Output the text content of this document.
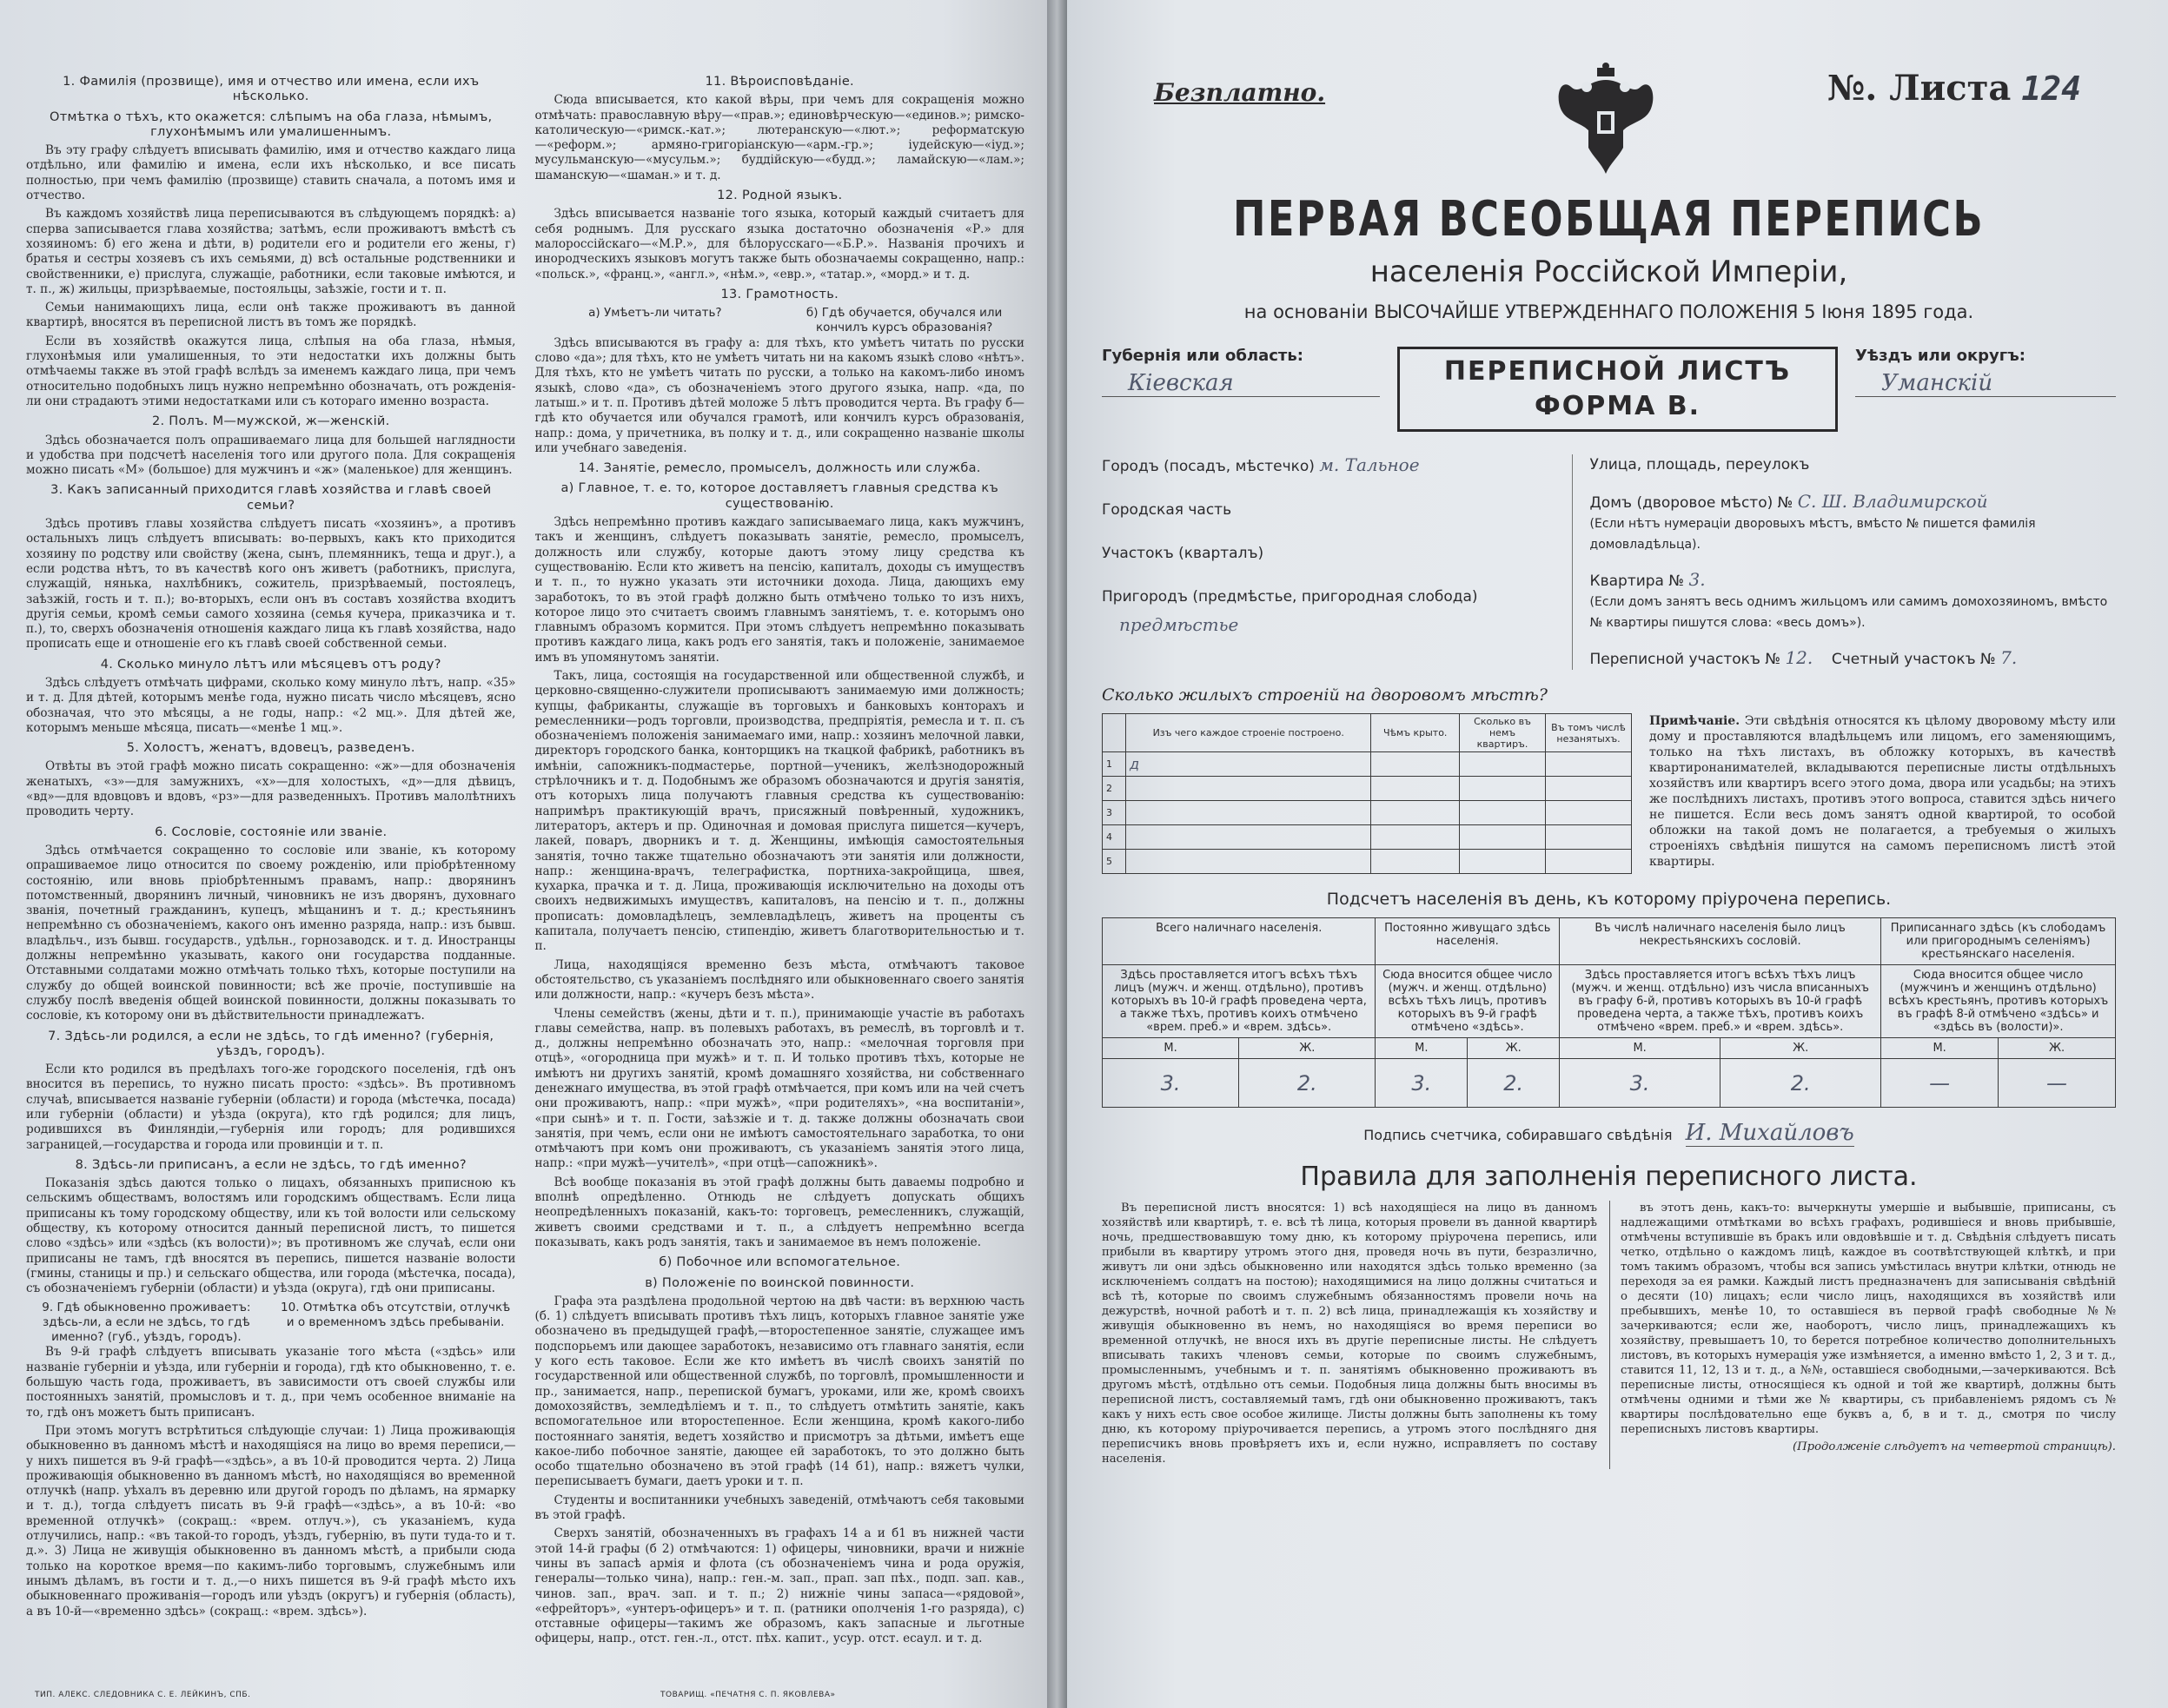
1. Фамилія (прозвище), имя и отчество или имена, если ихъ нѣсколько.
Отмѣтка о тѣхъ, кто окажется: слѣпымъ на оба глаза, нѣмымъ, глухонѣмымъ или умалишеннымъ.

Въ эту графу слѣдуетъ вписывать фамилію, имя и отчество каждаго лица отдѣльно, или фамилію и имена, если ихъ нѣсколько, и все писать полностью, при чемъ фамилію (прозвище) ставить сначала, а потомъ имя и отчество.

Въ каждомъ хозяйствѣ лица переписываются въ слѣдующемъ порядкѣ: а) сперва записывается глава хозяйства; затѣмъ, если проживаютъ вмѣстѣ съ хозяиномъ: б) его жена и дѣти, в) родители его и родители его жены, г) братья и сестры хозяевъ съ ихъ семьями, д) всѣ остальные родственники и свойственники, е) прислуга, служащіе, работники, если таковые имѣются, и т. п., ж) жильцы, призрѣваемые, постояльцы, заѣзжіе, гости и т. п.

Семьи нанимающихъ лица, если онѣ также проживаютъ въ данной квартирѣ, вносятся въ переписной листъ въ томъ же порядкѣ.

Если въ хозяйствѣ окажутся лица, слѣпыя на оба глаза, нѣмыя, глухонѣмыя или умалишенныя, то эти недостатки ихъ должны быть отмѣчаемы также въ этой графѣ вслѣдъ за именемъ каждаго лица, при чемъ относительно подобныхъ лицъ нужно непремѣнно обозначать, отъ рожденія-ли они страдаютъ этими недостатками или съ котораго именно возраста.

2. Полъ. М—мужской, ж—женскій.

Здѣсь обозначается полъ опрашиваемаго лица для большей наглядности и удобства при подсчетѣ населенія того или другого пола. Для сокращенія можно писать «М» (большое) для мужчинъ и «ж» (маленькое) для женщинъ.

3. Какъ записанный приходится главѣ хозяйства и главѣ своей семьи?

Здѣсь противъ главы хозяйства слѣдуетъ писать «хозяинъ», а противъ остальныхъ лицъ слѣдуетъ вписывать: во-первыхъ, какъ кто приходится хозяину по родству или свойству (жена, сынъ, племянникъ, теща и друг.), а если родства нѣтъ, то въ качествѣ кого онъ живетъ (работникъ, прислуга, служащій, нянька, нахлѣбникъ, сожитель, призрѣваемый, постоялецъ, заѣзжій, гость и т. п.); во-вторыхъ, если онъ въ составъ хозяйства входитъ другія семьи, кромѣ семьи самого хозяина (семья кучера, приказчика и т. п.), то, сверхъ обозначенія отношенія каждаго лица къ главѣ хозяйства, надо прописать еще и отношеніе его къ главѣ своей собственной семьи.

4. Сколько минуло лѣтъ или мѣсяцевъ отъ роду?

Здѣсь слѣдуетъ отмѣчать цифрами, сколько кому минуло лѣтъ, напр. «35» и т. д. Для дѣтей, которымъ менѣе года, нужно писать число мѣсяцевъ, ясно обозначая, что это мѣсяцы, а не годы, напр.: «2 мц.». Для дѣтей же, которымъ меньше мѣсяца, писать—«менѣе 1 мц.».

5. Холостъ, женатъ, вдовецъ, разведенъ.

Отвѣты въ этой графѣ можно писать сокращенно: «ж»—для обозначенія женатыхъ, «з»—для замужнихъ, «х»—для холостыхъ, «д»—для дѣвицъ, «вд»—для вдовцовъ и вдовъ, «рз»—для разведенныхъ. Противъ малолѣтнихъ проводить черту.

6. Сословіе, состояніе или званіе.

Здѣсь отмѣчается сокращенно то сословіе или званіе, къ которому опрашиваемое лицо относится по своему рожденію, или пріобрѣтенному состоянію, или вновь пріобрѣтеннымъ правамъ, напр.: дворянинъ потомственный, дворянинъ личный, чиновникъ не изъ дворянъ, духовнаго званія, почетный гражданинъ, купецъ, мѣщанинъ и т. д.; крестьянинъ непремѣнно съ обозначеніемъ, какого онъ именно разряда, напр.: изъ бывш. владѣльч., изъ бывш. государств., удѣльн., горнозаводск. и т. д. Иностранцы должны непремѣнно указывать, какого они государства подданные. Отставными солдатами можно отмѣчать только тѣхъ, которые поступили на службу до общей воинской повинности; всѣ же прочіе, поступившіе на службу послѣ введенія общей воинской повинности, должны показывать то сословіе, къ которому они въ дѣйствительности принадлежатъ.

7. Здѣсь-ли родился, а если не здѣсь, то гдѣ именно? (губернія, уѣздъ, городъ).

Если кто родился въ предѣлахъ того-же городского поселенія, гдѣ онъ вносится въ перепись, то нужно писать просто: «здѣсь». Въ противномъ случаѣ, вписывается названіе губерніи (области) и города (мѣстечка, посада) или губерніи (области) и уѣзда (округа), кто гдѣ родился; для лицъ, родившихся въ Финляндіи,—губернія или городъ; для родившихся заграницей,—государства и города или провинціи и т. п.

8. Здѣсь-ли приписанъ, а если не здѣсь, то гдѣ именно?

Показанія здѣсь даются только о лицахъ, обязанныхъ приписною къ сельскимъ обществамъ, волостямъ или городскимъ обществамъ. Если лица приписаны къ тому городскому обществу, или къ той волости или сельскому обществу, къ которому относится данный переписной листъ, то пишется слово «здѣсь» или «здѣсь (къ волости)»; въ противномъ же случаѣ, если они приписаны не тамъ, гдѣ вносятся въ перепись, пишется названіе волости (гмины, станицы и пр.) и сельскаго общества, или города (мѣстечка, посада), съ обозначеніемъ губерніи (области) и уѣзда (округа), гдѣ они приписаны.

9. Гдѣ обыкновенно проживаетъ: здѣсь-ли, а если не здѣсь, то гдѣ именно? (губ., уѣздъ, городъ).
10. Отмѣтка объ отсутствіи, отлучкѣ и о временномъ здѣсь пребываніи.

Въ 9-й графѣ слѣдуетъ вписывать указаніе того мѣста («здѣсь» или названіе губерніи и уѣзда, или губерніи и города), гдѣ кто обыкновенно, т. е. большую часть года, проживаетъ, въ зависимости отъ своей службы или постоянныхъ занятій, промысловъ и т. д., при чемъ особенное вниманіе на то, гдѣ онъ можетъ быть приписанъ.

При этомъ могутъ встрѣтиться слѣдующіе случаи: 1) Лица проживающія обыкновенно въ данномъ мѣстѣ и находящіяся на лицо во время переписи,—у нихъ пишется въ 9-й графѣ—«здѣсь», а въ 10-й проводится черта. 2) Лица проживающія обыкновенно въ данномъ мѣстѣ, но находящіяся во временной отлучкѣ (напр. уѣхалъ въ деревню или другой городъ по дѣламъ, на ярмарку и т. д.), тогда слѣдуетъ писать въ 9-й графѣ—«здѣсь», а въ 10-й: «во временной отлучкѣ» (сокращ.: «врем. отлуч.»), съ указаніемъ, куда отлучились, напр.: «въ такой-то городъ, уѣздъ, губернію, въ пути туда-то и т. д.». 3) Лица не живущія обыкновенно въ данномъ мѣстѣ, а прибыли сюда только на короткое время—по какимъ-либо торговымъ, служебнымъ или инымъ дѣламъ, въ гости и т. д.,—о нихъ пишется въ 9-й графѣ мѣсто ихъ обыкновеннаго проживанія—городъ или уѣздъ (округъ) и губернія (область), а въ 10-й—«временно здѣсь» (сокращ.: «врем. здѣсь»).

11. Вѣроисповѣданіе.

Сюда вписывается, кто какой вѣры, при чемъ для сокращенія можно отмѣчать: православную вѣру—«прав.»; единовѣрческую—«единов.»; римско-католическую—«римск.-кат.»; лютеранскую—«лют.»; реформатскую—«реформ.»; армяно-григоріанскую—«арм.-гр.»; іудейскую—«іуд.»; мусульманскую—«мусульм.»; буддійскую—«будд.»; ламайскую—«лам.»; шаманскую—«шаман.» и т. д.

12. Родной языкъ.

Здѣсь вписывается названіе того языка, который каждый считаетъ для себя роднымъ. Для русскаго языка достаточно обозначенія «Р.» для малороссійскаго—«М.Р.», для бѣлорусскаго—«Б.Р.». Названія прочихъ и инородческихъ языковъ могутъ также быть обозначаемы сокращенно, напр.: «польск.», «франц.», «англ.», «нѣм.», «евр.», «татар.», «морд.» и т. д.

13. Грамотность.
а) Умѣетъ-ли читать?	б) Гдѣ обучается, обучался или кончилъ курсъ образованія?

Здѣсь вписываются въ графу а: для тѣхъ, кто умѣетъ читать по русски слово «да»; для тѣхъ, кто не умѣетъ читать ни на какомъ языкѣ слово «нѣтъ». Для тѣхъ, кто не умѣетъ читать по русски, а только на какомъ-либо иномъ языкѣ, слово «да», съ обозначеніемъ этого другого языка, напр. «да, по латыш.» и т. п. Противъ дѣтей моложе 5 лѣтъ проводится черта. Въ графу б—гдѣ кто обучается или обучался грамотѣ, или кончилъ курсъ образованія, напр.: дома, у причетника, въ полку и т. д., или сокращенно названіе школы или учебнаго заведенія.

14. Занятіе, ремесло, промыселъ, должность или служба.
а) Главное, т. е. то, которое доставляетъ главныя средства къ существованію.

Здѣсь непремѣнно противъ каждаго записываемаго лица, какъ мужчинъ, такъ и женщинъ, слѣдуетъ показывать занятіе, ремесло, промыселъ, должность или службу, которые даютъ этому лицу средства къ существованію. Если кто живетъ на пенсію, капиталъ, доходы съ имуществъ и т. п., то нужно указать эти источники дохода. Лица, дающихъ ему заработокъ, то въ этой графѣ должно быть отмѣчено только то изъ нихъ, которое лицо это считаетъ своимъ главнымъ занятіемъ, т. е. которымъ оно главнымъ образомъ кормится. При этомъ слѣдуетъ непремѣнно показывать противъ каждаго лица, какъ родъ его занятія, такъ и положеніе, занимаемое имъ въ упомянутомъ занятіи.

Такъ, лица, состоящія на государственной или общественной службѣ, и церковно-священно-служители прописываютъ занимаемую ими должность; купцы, фабриканты, служащіе въ торговыхъ и банковыхъ конторахъ и ремесленники—родъ торговли, производства, предпріятія, ремесла и т. п. съ обозначеніемъ положенія занимаемаго ими, напр.: хозяинъ мелочной лавки, директоръ городского банка, конторщикъ на ткацкой фабрикѣ, работникъ въ имѣніи, сапожникъ-подмастерье, портной—ученикъ, желѣзнодорожный стрѣлочникъ и т. д. Подобнымъ же образомъ обозначаются и другія занятія, отъ которыхъ лица получаютъ главныя средства къ существованію: напримѣръ практикующій врачъ, присяжный повѣренный, художникъ, литераторъ, актеръ и пр. Одиночная и домовая прислуга пишется—кучеръ, лакей, поваръ, дворникъ и т. д. Женщины, имѣющія самостоятельныя занятія, точно также тщательно обозначаютъ эти занятія или должности, напр.: женщина-врачъ, телеграфистка, портниха-закройщица, швея, кухарка, прачка и т. д. Лица, проживающія исключительно на доходы отъ своихъ недвижимыхъ имуществъ, капиталовъ, на пенсію и т. п., должны прописать: домовладѣлецъ, землевладѣлецъ, живетъ на проценты съ капитала, получаетъ пенсію, стипендію, живетъ благотворительностью и т. п.

Лица, находящіяся временно безъ мѣста, отмѣчаютъ таковое обстоятельство, съ указаніемъ послѣдняго или обыкновеннаго своего занятія или должности, напр.: «кучеръ безъ мѣста».

Члены семействъ (жены, дѣти и т. п.), принимающіе участіе въ работахъ главы семейства, напр. въ полевыхъ работахъ, въ ремеслѣ, въ торговлѣ и т. д., должны непремѣнно обозначать это, напр.: «мелочная торговля при отцѣ», «огородница при мужѣ» и т. п. И только противъ тѣхъ, которые не имѣютъ ни другихъ занятій, кромѣ домашняго хозяйства, ни собственнаго денежнаго имущества, въ этой графѣ отмѣчается, при комъ или на чей счетъ они проживаютъ, напр.: «при мужѣ», «при родителяхъ», «на воспитаніи», «при сынѣ» и т. п. Гости, заѣзжіе и т. д. также должны обозначать свои занятія, при чемъ, если они не имѣютъ самостоятельнаго заработка, то они отмѣчаютъ при комъ они проживаютъ, съ указаніемъ занятія этого лица, напр.: «при мужѣ—учителѣ», «при отцѣ—сапожникѣ».

Всѣ вообще показанія въ этой графѣ должны быть даваемы подробно и вполнѣ опредѣленно. Отнюдь не слѣдуетъ допускать общихъ неопредѣленныхъ показаній, какъ-то: торговецъ, ремесленникъ, служащій, живетъ своими средствами и т. п., а слѣдуетъ непремѣнно всегда показывать, какъ родъ занятія, такъ и занимаемое въ немъ положеніе.

б) Побочное или вспомогательное.
в) Положеніе по воинской повинности.

Графа эта раздѣлена продольной чертою на двѣ части: въ верхнюю часть (б. 1) слѣдуетъ вписывать противъ тѣхъ лицъ, которыхъ главное занятіе уже обозначено въ предыдущей графѣ,—второстепенное занятіе, служащее имъ подспорьемъ или дающее заработокъ, независимо отъ главнаго занятія, если у кого есть таковое. Если же кто имѣетъ въ числѣ своихъ занятій по государственной или общественной службѣ, по торговлѣ, промышленности и пр., занимается, напр., перепиской бумагъ, уроками, или же, кромѣ своихъ домохозяйствъ, земледѣліемъ и т. п., то слѣдуетъ отмѣтить занятіе, какъ вспомогательное или второстепенное. Если женщина, кромѣ какого-либо постояннаго занятія, ведетъ хозяйство и присмотръ за дѣтьми, имѣетъ еще какое-либо побочное занятіе, дающее ей заработокъ, то это должно быть особо тщательно обозначено въ этой графѣ (14 б1), напр.: вяжетъ чулки, переписываетъ бумаги, даетъ уроки и т. п.

Студенты и воспитанники учебныхъ заведеній, отмѣчаютъ себя таковыми въ этой графѣ.

Сверхъ занятій, обозначенныхъ въ графахъ 14 а и б1 въ нижней части этой 14-й графы (б 2) отмѣчаются: 1) офицеры, чиновники, врачи и нижніе чины въ запасѣ армія и флота (съ обозначеніемъ чина и рода оружія, генералы—только чина), напр.: ген.-м. зап., прап. зап пѣх., подп. зап. кав., чинов. зап., врач. зап. и т. п.; 2) нижніе чины запаса—«рядовой», «ефрейторъ», «унтеръ-офицеръ» и т. п. (ратники ополченія 1-го разряда), с) отставные офицеры—такимъ же образомъ, какъ запасные и льготные офицеры, напр., отст. ген.-л., отст. пѣх. капит., усур. отст. есаул. и т. д.

ТИП. АЛЕКС. СЛЕДОВНИКА С. Е. ЛЕЙКИНЪ, СПБ.	ТОВАРИЩ. «ПЕЧАТНЯ С. П. ЯКОВЛЕВА»
Безплатно.	№. Листа 124
ПЕРВАЯ ВСЕОБЩАЯ ПЕРЕПИСЬ
населенія Россійской Имперіи,
на основаніи ВЫСОЧАЙШЕ УТВЕРЖДЕННАГО ПОЛОЖЕНІЯ 5 Іюня 1895 года.
Губернія или область:
Кіевская	ПЕРЕПИСНОЙ ЛИСТЪ
ФОРМА В.
Уѣздъ или округъ:
Уманскій
Городъ (посадъ, мѣстечко) м. Тальное
Городская часть
Участокъ (кварталъ)
Пригородъ (предмѣстье, пригородная слобода)
предмѣстье
Улица, площадь, переулокъ
Домъ (дворовое мѣсто) № С. Ш. Владимирской
(Если нѣтъ нумераціи дворовыхъ мѣстъ, вмѣсто № пишется фамилія домовладѣльца).
Квартира № 3.
(Если домъ занятъ весь однимъ жильцомъ или самимъ домохозяиномъ, вмѣсто № квартиры пишутся слова: «весь домъ»).
Переписной участокъ № 12. Счетный участокъ № 7.
Сколько жилыхъ строеній на дворовомъ мѣстѣ?
	Изъ чего каждое строеніе построено.	Чѣмъ крыто.	Сколько въ немъ квартиръ.	Въ томъ числѣ незанятыхъ.
1	д			
2				
3				
4				
5				
Примѣчаніе. Эти свѣдѣнія относятся къ цѣлому дворовому мѣсту или дому и проставляются владѣльцемъ или лицомъ, его заменяющимъ, только на тѣхъ листахъ, въ обложку которыхъ, въ качествѣ квартиронанимателей, вкладываются переписные листы отдѣльныхъ хозяйствъ или квартиръ всего этого дома, двора или усадьбы; на этихъ же послѣднихъ листахъ, противъ этого вопроса, ставится здѣсь ничего не пишется. Если весь домъ занятъ одной квартирой, то особой обложки на такой домъ не полагается, а требуемыя о жилыхъ строеніяхъ свѣдѣнія пишутся на самомъ переписномъ листѣ этой квартиры.
Подсчетъ населенія въ день, къ которому пріурочена перепись.
Всего наличнаго населенія.		Постоянно живущаго здѣсь населенія.		Въ числѣ наличнаго населенія было лицъ некрестьянскихъ сословій.		Приписаннаго здѣсь (къ слободамъ или пригороднымъ селеніямъ) крестьянскаго населенія.	
Здѣсь проставляется итогъ всѣхъ тѣхъ лицъ (мужч. и женщ. отдѣльно), противъ которыхъ въ 10-й графѣ проведена черта, а также тѣхъ, противъ коихъ отмѣчено «врем. преб.» и «врем. здѣсь».		Сюда вносится общее число (мужч. и женщ. отдѣльно) всѣхъ тѣхъ лицъ, противъ которыхъ въ 9-й графѣ отмѣчено «здѣсь».		Здѣсь проставляется итогъ всѣхъ тѣхъ лицъ (мужч. и женщ. отдѣльно) изъ числа вписанныхъ въ графу 6-й, противъ которыхъ въ 10-й графѣ проведена черта, а также тѣхъ, противъ коихъ отмѣчено «врем. преб.» и «врем. здѣсь».		Сюда вносится общее число (мужчинъ и женщинъ отдѣльно) всѣхъ крестьянъ, противъ которыхъ въ графѣ 8-й отмѣчено «здѣсь» и «здѣсь въ (волости)».	
М.	Ж.	М.	Ж.	М.	Ж.	М.	Ж.
3.	2.	3.	2.	3.	2.	—	—
Подпись счетчика, собиравшаго свѣдѣнія И. Михайловъ
Правила для заполненія переписного листа.

Въ переписной листъ вносятся: 1) всѣ находящіеся на лицо въ данномъ хозяйствѣ или квартирѣ, т. е. всѣ тѣ лица, которыя провели въ данной квартирѣ ночь, предшествовавшую тому дню, къ которому пріурочена перепись, или прибыли въ квартиру утромъ этого дня, проведя ночь въ пути, безразлично, живутъ ли они здѣсь обыкновенно или находятся здѣсь только временно (за исключеніемъ солдатъ на постою); находящимися на лицо должны считаться и всѣ тѣ, которые по своимъ служебнымъ обязанностямъ провели ночь на дежурствѣ, ночной работѣ и т. п. 2) всѣ лица, принадлежащія къ хозяйству и живущія обыкновенно въ немъ, но находящіяся во время переписи во временной отлучкѣ, не внося ихъ въ другіе переписные листы. Не слѣдуетъ вписывать такихъ членовъ семьи, которые по своимъ служебнымъ, промысленнымъ, учебнымъ и т. п. занятіямъ обыкновенно проживаютъ въ другомъ мѣстѣ, отдѣльно отъ семьи. Подобныя лица должны быть вносимы въ переписной листъ, составляемый тамъ, гдѣ они обыкновенно проживаютъ, такъ какъ у нихъ есть свое особое жилище. Листы должны быть заполнены къ тому дню, къ которому пріурочивается перепись, а утромъ этого послѣдняго дня переписчикъ вновь провѣряетъ ихъ и, если нужно, исправляетъ по составу населенія.

въ этотъ день, какъ-то: вычеркнуты умершіе и выбывшіе, приписаны, съ надлежащими отмѣтками во всѣхъ графахъ, родившіеся и вновь прибывшіе, отмѣчены вступившіе въ бракъ или овдовѣвшіе и т. д. Свѣдѣнія слѣдуетъ писать четко, отдѣльно о каждомъ лицѣ, каждое въ соотвѣтствующей клѣткѣ, и при томъ такимъ образомъ, чтобы вся запись умѣстилась внутри клѣтки, отнюдь не переходя за ея рамки. Каждый листъ предназначенъ для записыванія свѣдѣній о десяти (10) лицахъ; если число лицъ, находящихся въ хозяйствѣ или пребывшихъ, менѣе 10, то оставшіеся въ первой графѣ свободные №№ зачеркиваются; если же, наоборотъ, число лицъ, принадлежащихъ къ хозяйству, превышаетъ 10, то берется потребное количество дополнительныхъ листовъ, въ которыхъ нумерація уже измѣняется, а именно вмѣсто 1, 2, 3 и т. д., ставится 11, 12, 13 и т. д., а №№, оставшіеся свободными,—зачеркиваются. Всѣ переписные листы, относящіеся къ одной и той же квартирѣ, должны быть отмѣчены одними и тѣми же № квартиры, съ прибавленіемъ рядомъ съ № квартиры послѣдовательно еще буквъ а, б, в и т. д., смотря по числу переписныхъ листовъ квартиры.

(Продолженіе слѣдуетъ на четвертой страницѣ).
